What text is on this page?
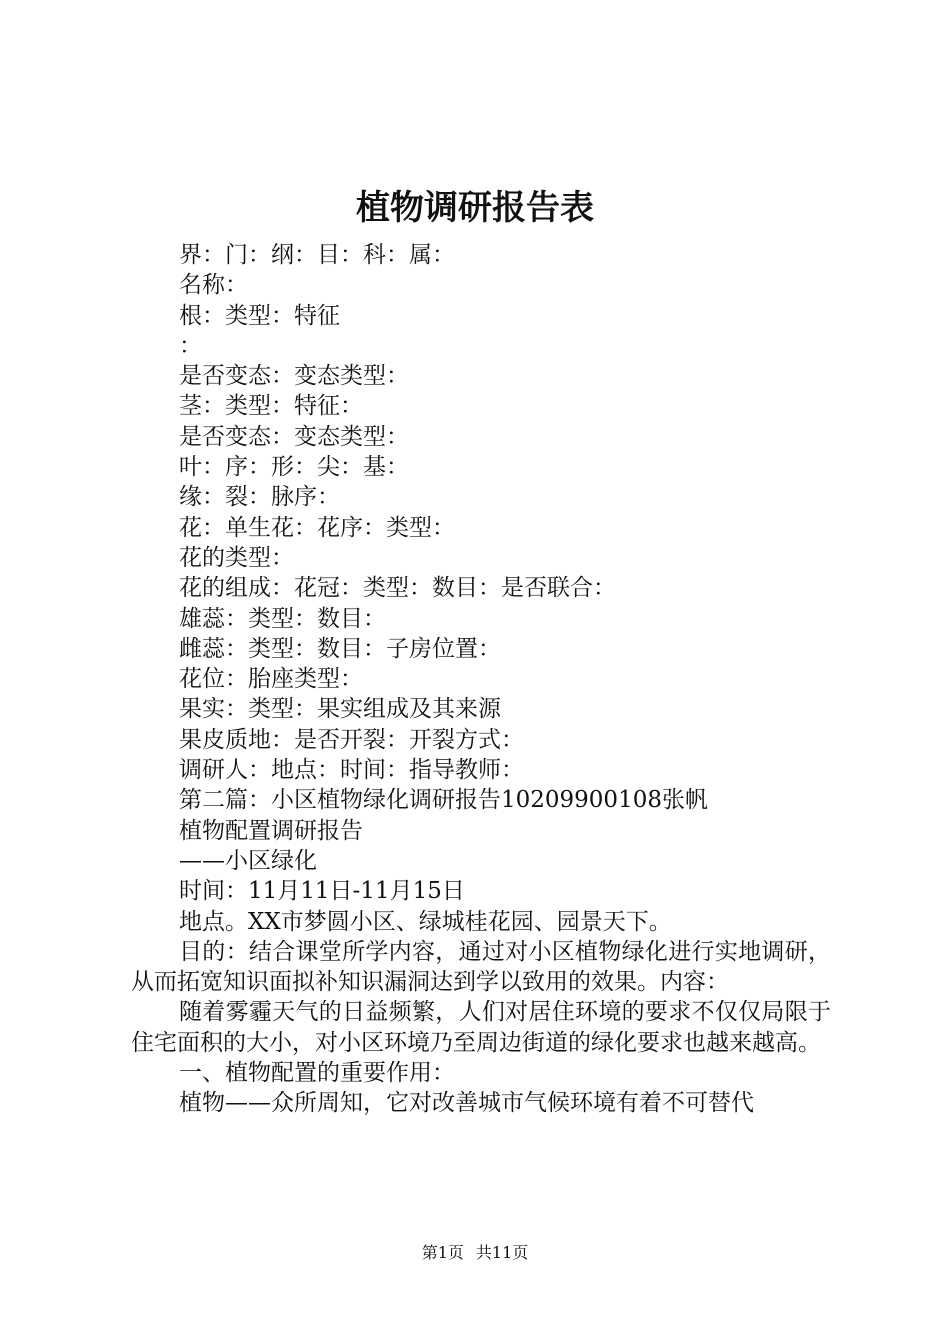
植物调研报告表

界：门：纲：目：科：属：

名称：

根：类型：特征

：

是否变态：变态类型：

茎：类型：特征：

是否变态：变态类型：

叶：序：形：尖：基：

缘：裂：脉序：

花：单生花：花序：类型：

花的类型：

花的组成：花冠：类型：数目：是否联合：

雄蕊：类型：数目：

雌蕊：类型：数目：子房位置：

花位：胎座类型：

果实：类型：果实组成及其来源

果皮质地：是否开裂：开裂方式：

调研人：地点：时间：指导教师：

第二篇：小区植物绿化调研报告10209900108张帆

植物配置调研报告

——小区绿化

时间：11月11日-11月15日

地点。XX市梦圆小区、绿城桂花园、园景天下。

目的：结合课堂所学内容，通过对小区植物绿化进行实地调研，从而拓宽知识面拟补知识漏洞达到学以致用的效果。内容：

随着雾霾天气的日益频繁，人们对居住环境的要求不仅仅局限于住宅面积的大小，对小区环境乃至周边街道的绿化要求也越来越高。

一、植物配置的重要作用：

植物——众所周知，它对改善城市气候环境有着不可替代

第1页 共11页
